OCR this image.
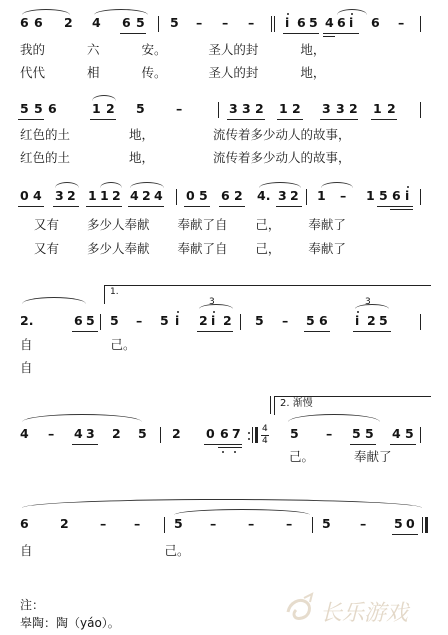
6 6 2 4 6 5 5 – – – i 6 5 4 6 i 6 –
我的 六 安。 圣人的封 地，
代代 相 传。 圣人的封 地，
5 5 6	1 2 5	–	3 3 2 1 2 3 3 2 1 2
红色的土 地， 流传着多少动人的故事，
红色的土 地， 流传着多少动人的故事，
0 4 3 2 1 1 2 4 2 4 0 5 6 2 4. 3 2 1 – 1 5 6 i
又有 多少人奉献 奉献了自 己， 奉献了
又有 多少人奉献 奉献了自 己， 奉献了
1.
2.	6 5 5 – 5 i 2 i 2
3
5 – 5 6 i 2 5
3
自 己。
自
2. 渐慢
4 – 4 3 2 5 2 0 6 7 4
4 5 – 5 5 4 5
己。 奉献了
6	2	– –	5 –	–	– 5 – 5 0
自 己。
注：
皋陶：陶（yáo）。	长乐游戏
